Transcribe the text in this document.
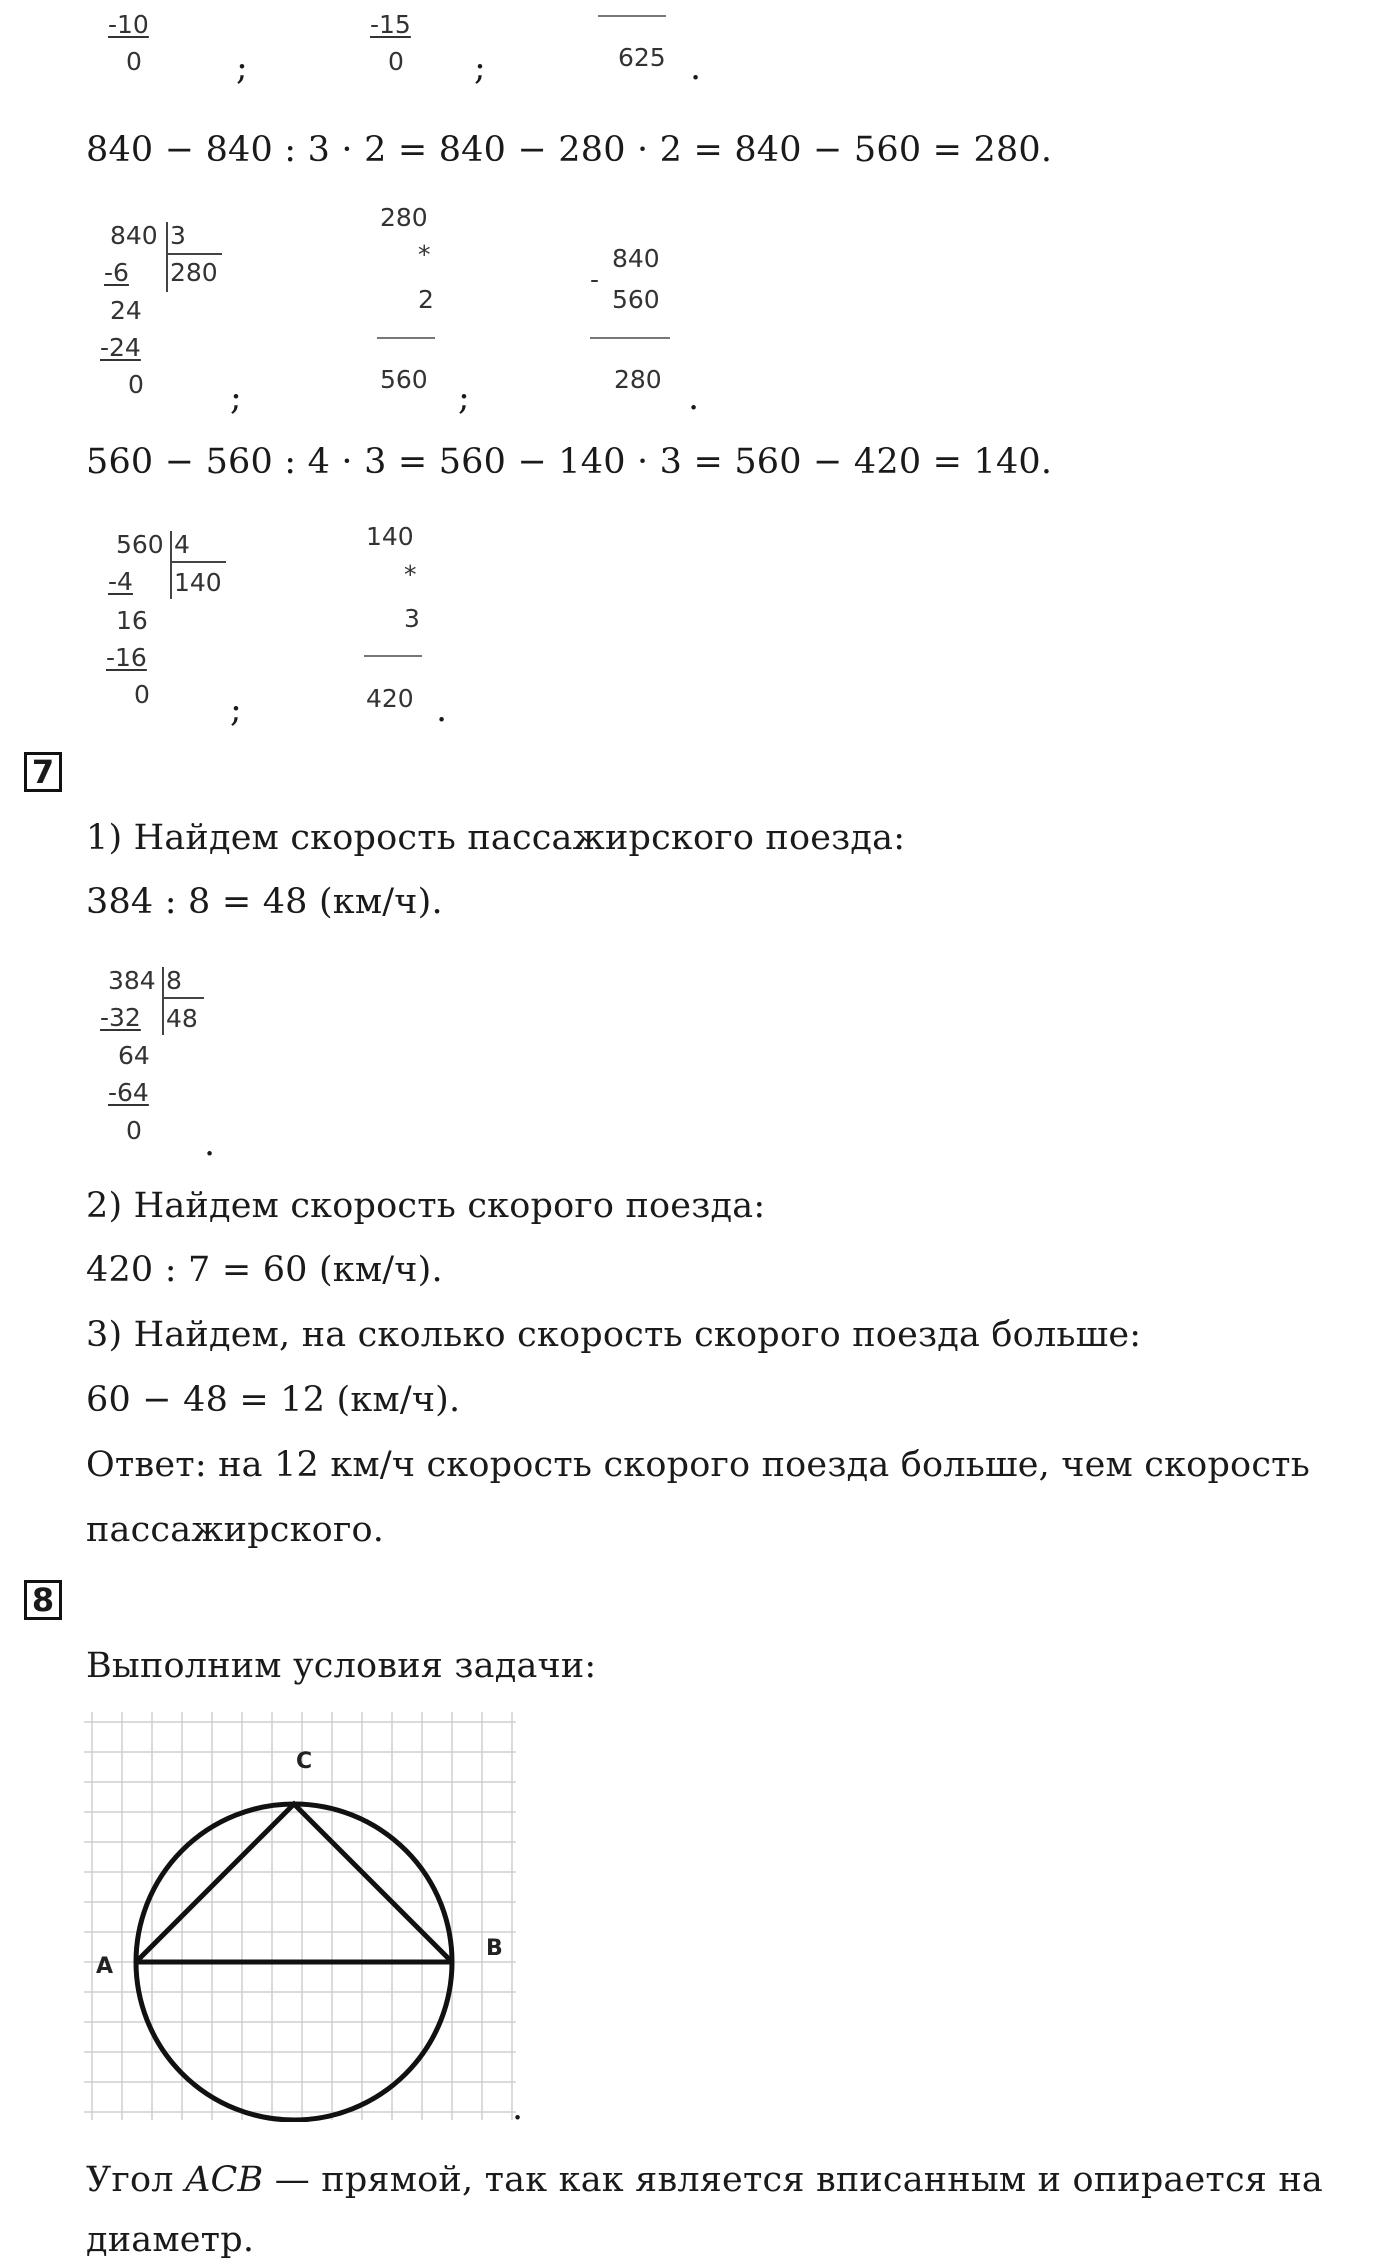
-10
0	;
-15
0 ;	625 .
840 − 840 : 3 · 2 = 840 − 280 · 2 = 840 − 560 = 280.
840 3
-6 280
24
-24
0 ;
280
*
2
560 ;
-
840
560
280 .
560 − 560 : 4 · 3 = 560 − 140 · 3 = 560 − 420 = 140.
560 4
-4 140
16
-16
0 ;
140
*
3
420 .
7
1) Найдем скорость пассажирского поезда:
384 : 8 = 48 (км/ч).
384 8
-32 48
64
-64
0 .
2) Найдем скорость скорого поезда:
420 : 7 = 60 (км/ч).
3) Найдем, на сколько скорость скорого поезда больше:
60 − 48 = 12 (км/ч).
Ответ: на 12 км/ч скорость скорого поезда больше, чем скорость
пассажирского.
8
Выполним условия задачи:
A
B
C
.
Угол ACB — прямой, так как является вписанным и опирается на
диаметр.
